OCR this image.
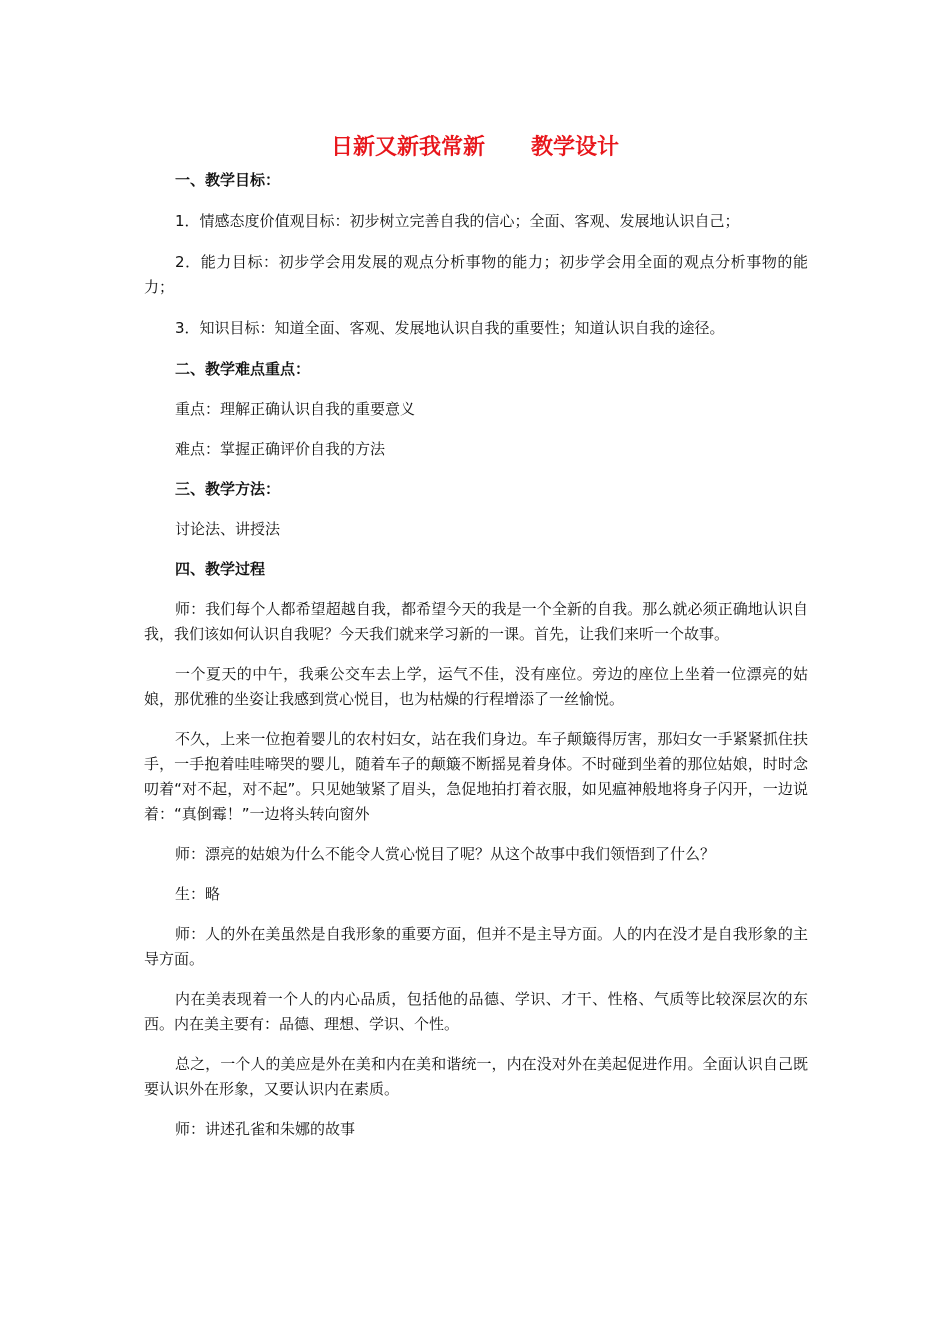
日新又新我常新      教学设计

一、教学目标：

1．情感态度价值观目标：初步树立完善自我的信心；全面、客观、发展地认识自己；

2．能力目标：初步学会用发展的观点分析事物的能力；初步学会用全面的观点分析事物的能力；

3．知识目标：知道全面、客观、发展地认识自我的重要性；知道认识自我的途径。

二、教学难点重点：

重点：理解正确认识自我的重要意义

难点：掌握正确评价自我的方法

三、教学方法：

讨论法、讲授法

四、教学过程

师：我们每个人都希望超越自我，都希望今天的我是一个全新的自我。那么就必须正确地认识自我，我们该如何认识自我呢？今天我们就来学习新的一课。首先，让我们来听一个故事。

一个夏天的中午，我乘公交车去上学，运气不佳，没有座位。旁边的座位上坐着一位漂亮的姑娘，那优雅的坐姿让我感到赏心悦目，也为枯燥的行程增添了一丝愉悦。

不久，上来一位抱着婴儿的农村妇女，站在我们身边。车子颠簸得厉害，那妇女一手紧紧抓住扶手，一手抱着哇哇啼哭的婴儿，随着车子的颠簸不断摇晃着身体。不时碰到坐着的那位姑娘，时时念叨着“对不起，对不起”。只见她皱紧了眉头，急促地拍打着衣服，如见瘟神般地将身子闪开，一边说着：“真倒霉！”一边将头转向窗外

师：漂亮的姑娘为什么不能令人赏心悦目了呢？从这个故事中我们领悟到了什么？

生：略

师：人的外在美虽然是自我形象的重要方面，但并不是主导方面。人的内在没才是自我形象的主导方面。

内在美表现着一个人的内心品质，包括他的品德、学识、才干、性格、气质等比较深层次的东西。内在美主要有：品德、理想、学识、个性。

总之，一个人的美应是外在美和内在美和谐统一，内在没对外在美起促进作用。全面认识自己既要认识外在形象，又要认识内在素质。

师：讲述孔雀和朱娜的故事
